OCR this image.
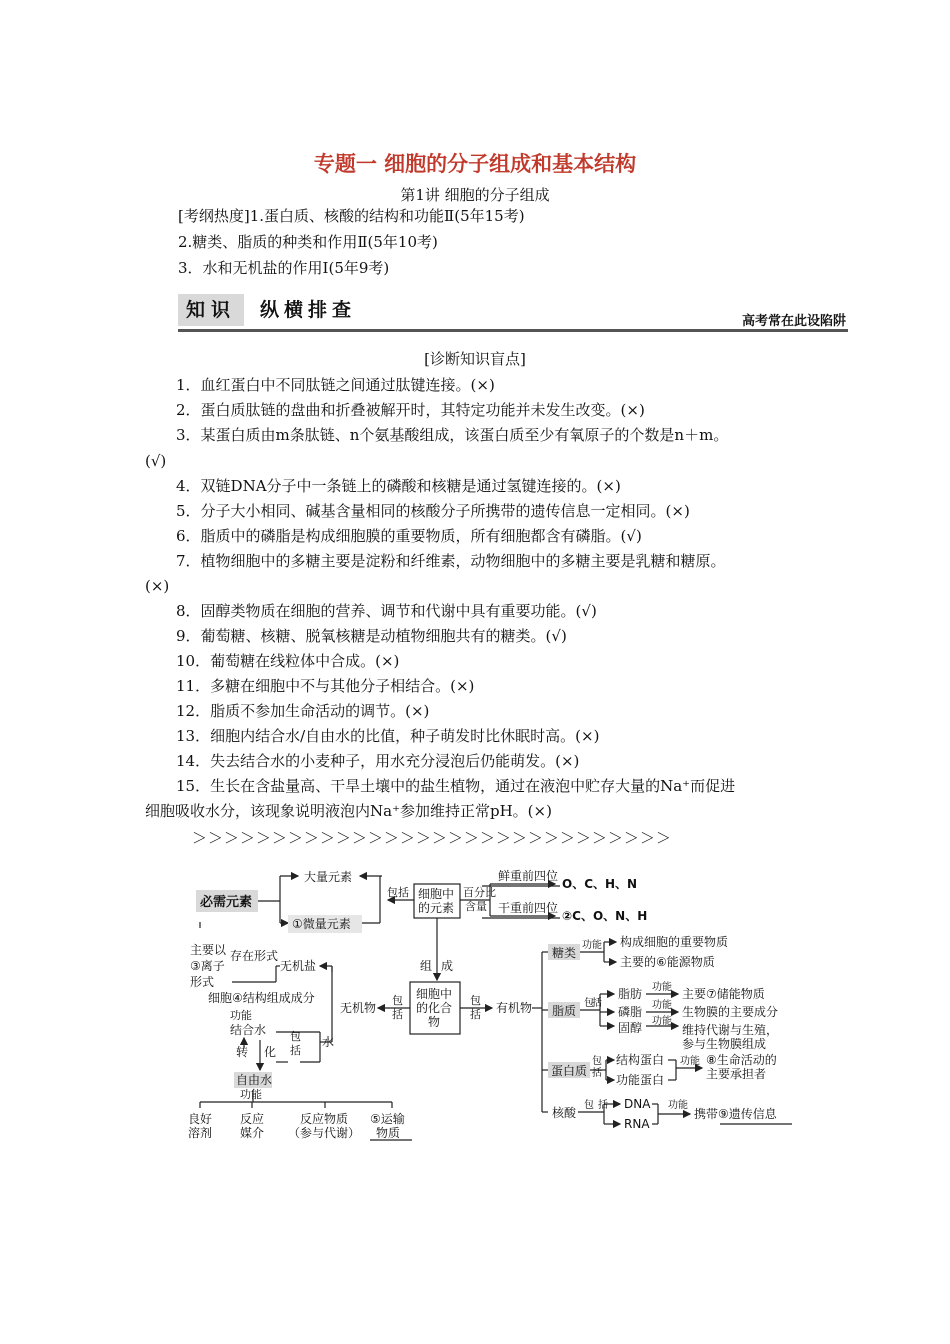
专题一 细胞的分子组成和基本结构
第1讲 细胞的分子组成
[考纲热度]1.蛋白质、核酸的结构和功能Ⅱ(5年15考)
2.糖类、脂质的种类和作用Ⅱ(5年10考)
3．水和无机盐的作用Ⅰ(5年9考)
知识	纵横排查
高考常在此设陷阱
[诊断知识盲点]
1．血红蛋白中不同肽链之间通过肽键连接。(×)
2．蛋白质肽链的盘曲和折叠被解开时，其特定功能并未发生改变。(×)
3．某蛋白质由m条肽链、n个氨基酸组成，该蛋白质至少有氧原子的个数是n＋m。
(√)
4．双链DNA分子中一条链上的磷酸和核糖是通过氢键连接的。(×)
5．分子大小相同、碱基含量相同的核酸分子所携带的遗传信息一定相同。(×)
6．脂质中的磷脂是构成细胞膜的重要物质，所有细胞都含有磷脂。(√)
7．植物细胞中的多糖主要是淀粉和纤维素，动物细胞中的多糖主要是乳糖和糖原。
(×)
8．固醇类物质在细胞的营养、调节和代谢中具有重要功能。(√)
9．葡萄糖、核糖、脱氧核糖是动植物细胞共有的糖类。(√)
10．葡萄糖在线粒体中合成。(×)
11．多糖在细胞中不与其他分子相结合。(×)
12．脂质不参加生命活动的调节。(×)
13．细胞内结合水/自由水的比值，种子萌发时比休眠时高。(×)
14．失去结合水的小麦种子，用水充分浸泡后仍能萌发。(×)
15．生长在含盐量高、干旱土壤中的盐生植物，通过在液泡中贮存大量的Na⁺而促进
细胞吸收水分，该现象说明液泡内Na⁺参加维持正常pH。(×)
＞＞＞＞＞＞＞＞＞＞＞＞＞＞＞＞＞＞＞＞＞＞＞＞＞＞＞＞＞＞
必需元素
大量元素
①微量元素
包括 细胞中
的元素
百分比
含量
鲜重前四位
O、C、H、N
干重前四位
②C、O、N、H
组 成
细胞中
的化合
物
无机物
包
括	有机物
包
括
无机盐
主要以 存在形式
③离子
形式
细胞④结构组成成分
水
包
括
功能
结合水
转 化
自由水
功能
良好
溶剂
反应
媒介
反应物质
（参与代谢）
⑤运输
物质
糖类
功能 构成细胞的重要物质
主要的⑥能源物质
脂质
包
括
脂肪 功能 主要⑦储能物质
磷脂 功能 生物膜的主要成分
固醇 功能
维持代谢与生殖，
参与生物膜组成
蛋白质
包
括
结构蛋白
功能蛋白
功能 ⑧生命活动的
主要承担者
核酸
包 括 DNA
RNA
功能
携带⑨遗传信息
